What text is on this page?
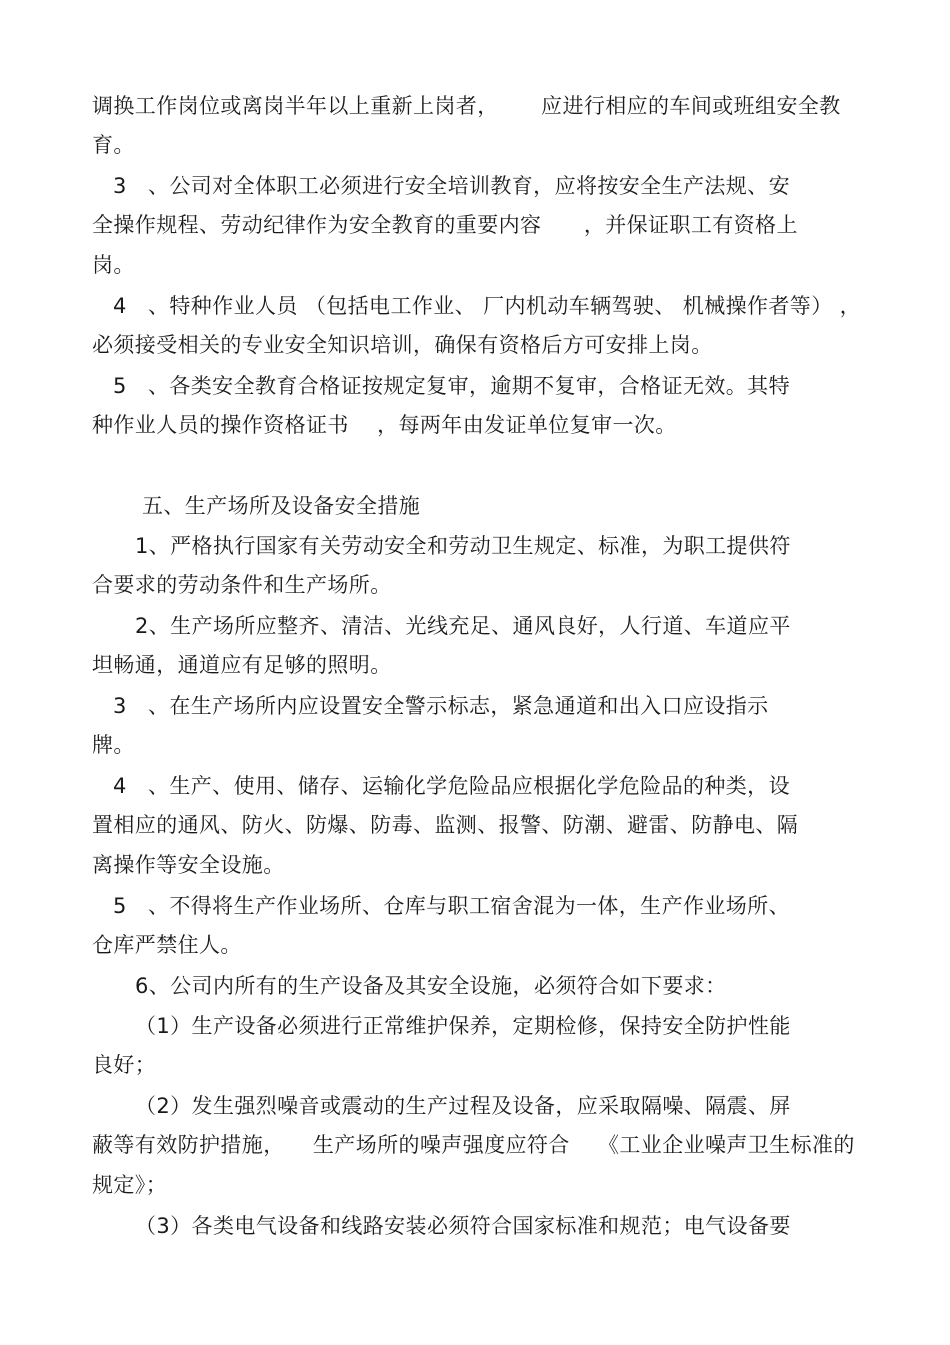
调换工作岗位或离岗半年以上重新上岗者，      应进行相应的车间或班组安全教
育。
3   、公司对全体职工必须进行安全培训教育，应将按安全生产法规、安
全操作规程、劳动纪律作为安全教育的重要内容      ，并保证职工有资格上
岗。
4   、特种作业人员 （包括电工作业、 厂内机动车辆驾驶、 机械操作者等） ，
必须接受相关的专业安全知识培训，确保有资格后方可安排上岗。
5   、各类安全教育合格证按规定复审，逾期不复审，合格证无效。其特
种作业人员的操作资格证书    ，每两年由发证单位复审一次。
五、生产场所及设备安全措施
1、严格执行国家有关劳动安全和劳动卫生规定、标准，为职工提供符
合要求的劳动条件和生产场所。
2、生产场所应整齐、清洁、光线充足、通风良好，人行道、车道应平
坦畅通，通道应有足够的照明。
3   、在生产场所内应设置安全警示标志，紧急通道和出入口应设指示
牌。
4   、生产、使用、储存、运输化学危险品应根据化学危险品的种类，设
置相应的通风、防火、防爆、防毒、监测、报警、防潮、避雷、防静电、隔
离操作等安全设施。
5   、不得将生产作业场所、仓库与职工宿舍混为一体，生产作业场所、
仓库严禁住人。
6、公司内所有的生产设备及其安全设施，必须符合如下要求：
（1）生产设备必须进行正常维护保养，定期检修，保持安全防护性能
良好；
（2）发生强烈噪音或震动的生产过程及设备，应采取隔噪、隔震、屏
蔽等有效防护措施，    生产场所的噪声强度应符合    《工业企业噪声卫生标准的
规定》；
（3）各类电气设备和线路安装必须符合国家标准和规范；电气设备要
